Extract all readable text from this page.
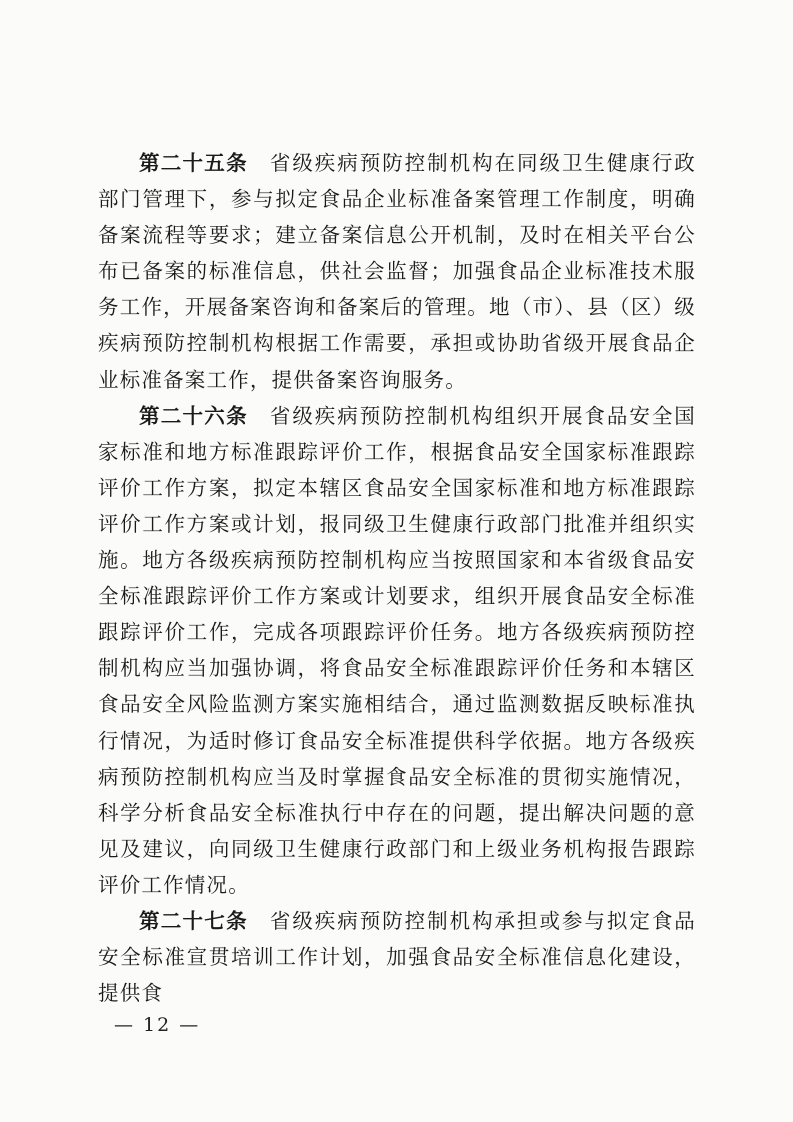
第二十五条 省级疾病预防控制机构在同级卫生健康行政部门管理下，参与拟定食品企业标准备案管理工作制度，明确备案流程等要求；建立备案信息公开机制，及时在相关平台公布已备案的标准信息，供社会监督；加强食品企业标准技术服务工作，开展备案咨询和备案后的管理。地（市）、县（区）级疾病预防控制机构根据工作需要，承担或协助省级开展食品企业标准备案工作，提供备案咨询服务。

第二十六条 省级疾病预防控制机构组织开展食品安全国家标准和地方标准跟踪评价工作，根据食品安全国家标准跟踪评价工作方案，拟定本辖区食品安全国家标准和地方标准跟踪评价工作方案或计划，报同级卫生健康行政部门批准并组织实施。地方各级疾病预防控制机构应当按照国家和本省级食品安全标准跟踪评价工作方案或计划要求，组织开展食品安全标准跟踪评价工作，完成各项跟踪评价任务。地方各级疾病预防控制机构应当加强协调，将食品安全标准跟踪评价任务和本辖区食品安全风险监测方案实施相结合，通过监测数据反映标准执行情况，为适时修订食品安全标准提供科学依据。地方各级疾病预防控制机构应当及时掌握食品安全标准的贯彻实施情况，科学分析食品安全标准执行中存在的问题，提出解决问题的意见及建议，向同级卫生健康行政部门和上级业务机构报告跟踪评价工作情况。

第二十七条 省级疾病预防控制机构承担或参与拟定食品安全标准宣贯培训工作计划，加强食品安全标准信息化建设，提供食

— 12 —
